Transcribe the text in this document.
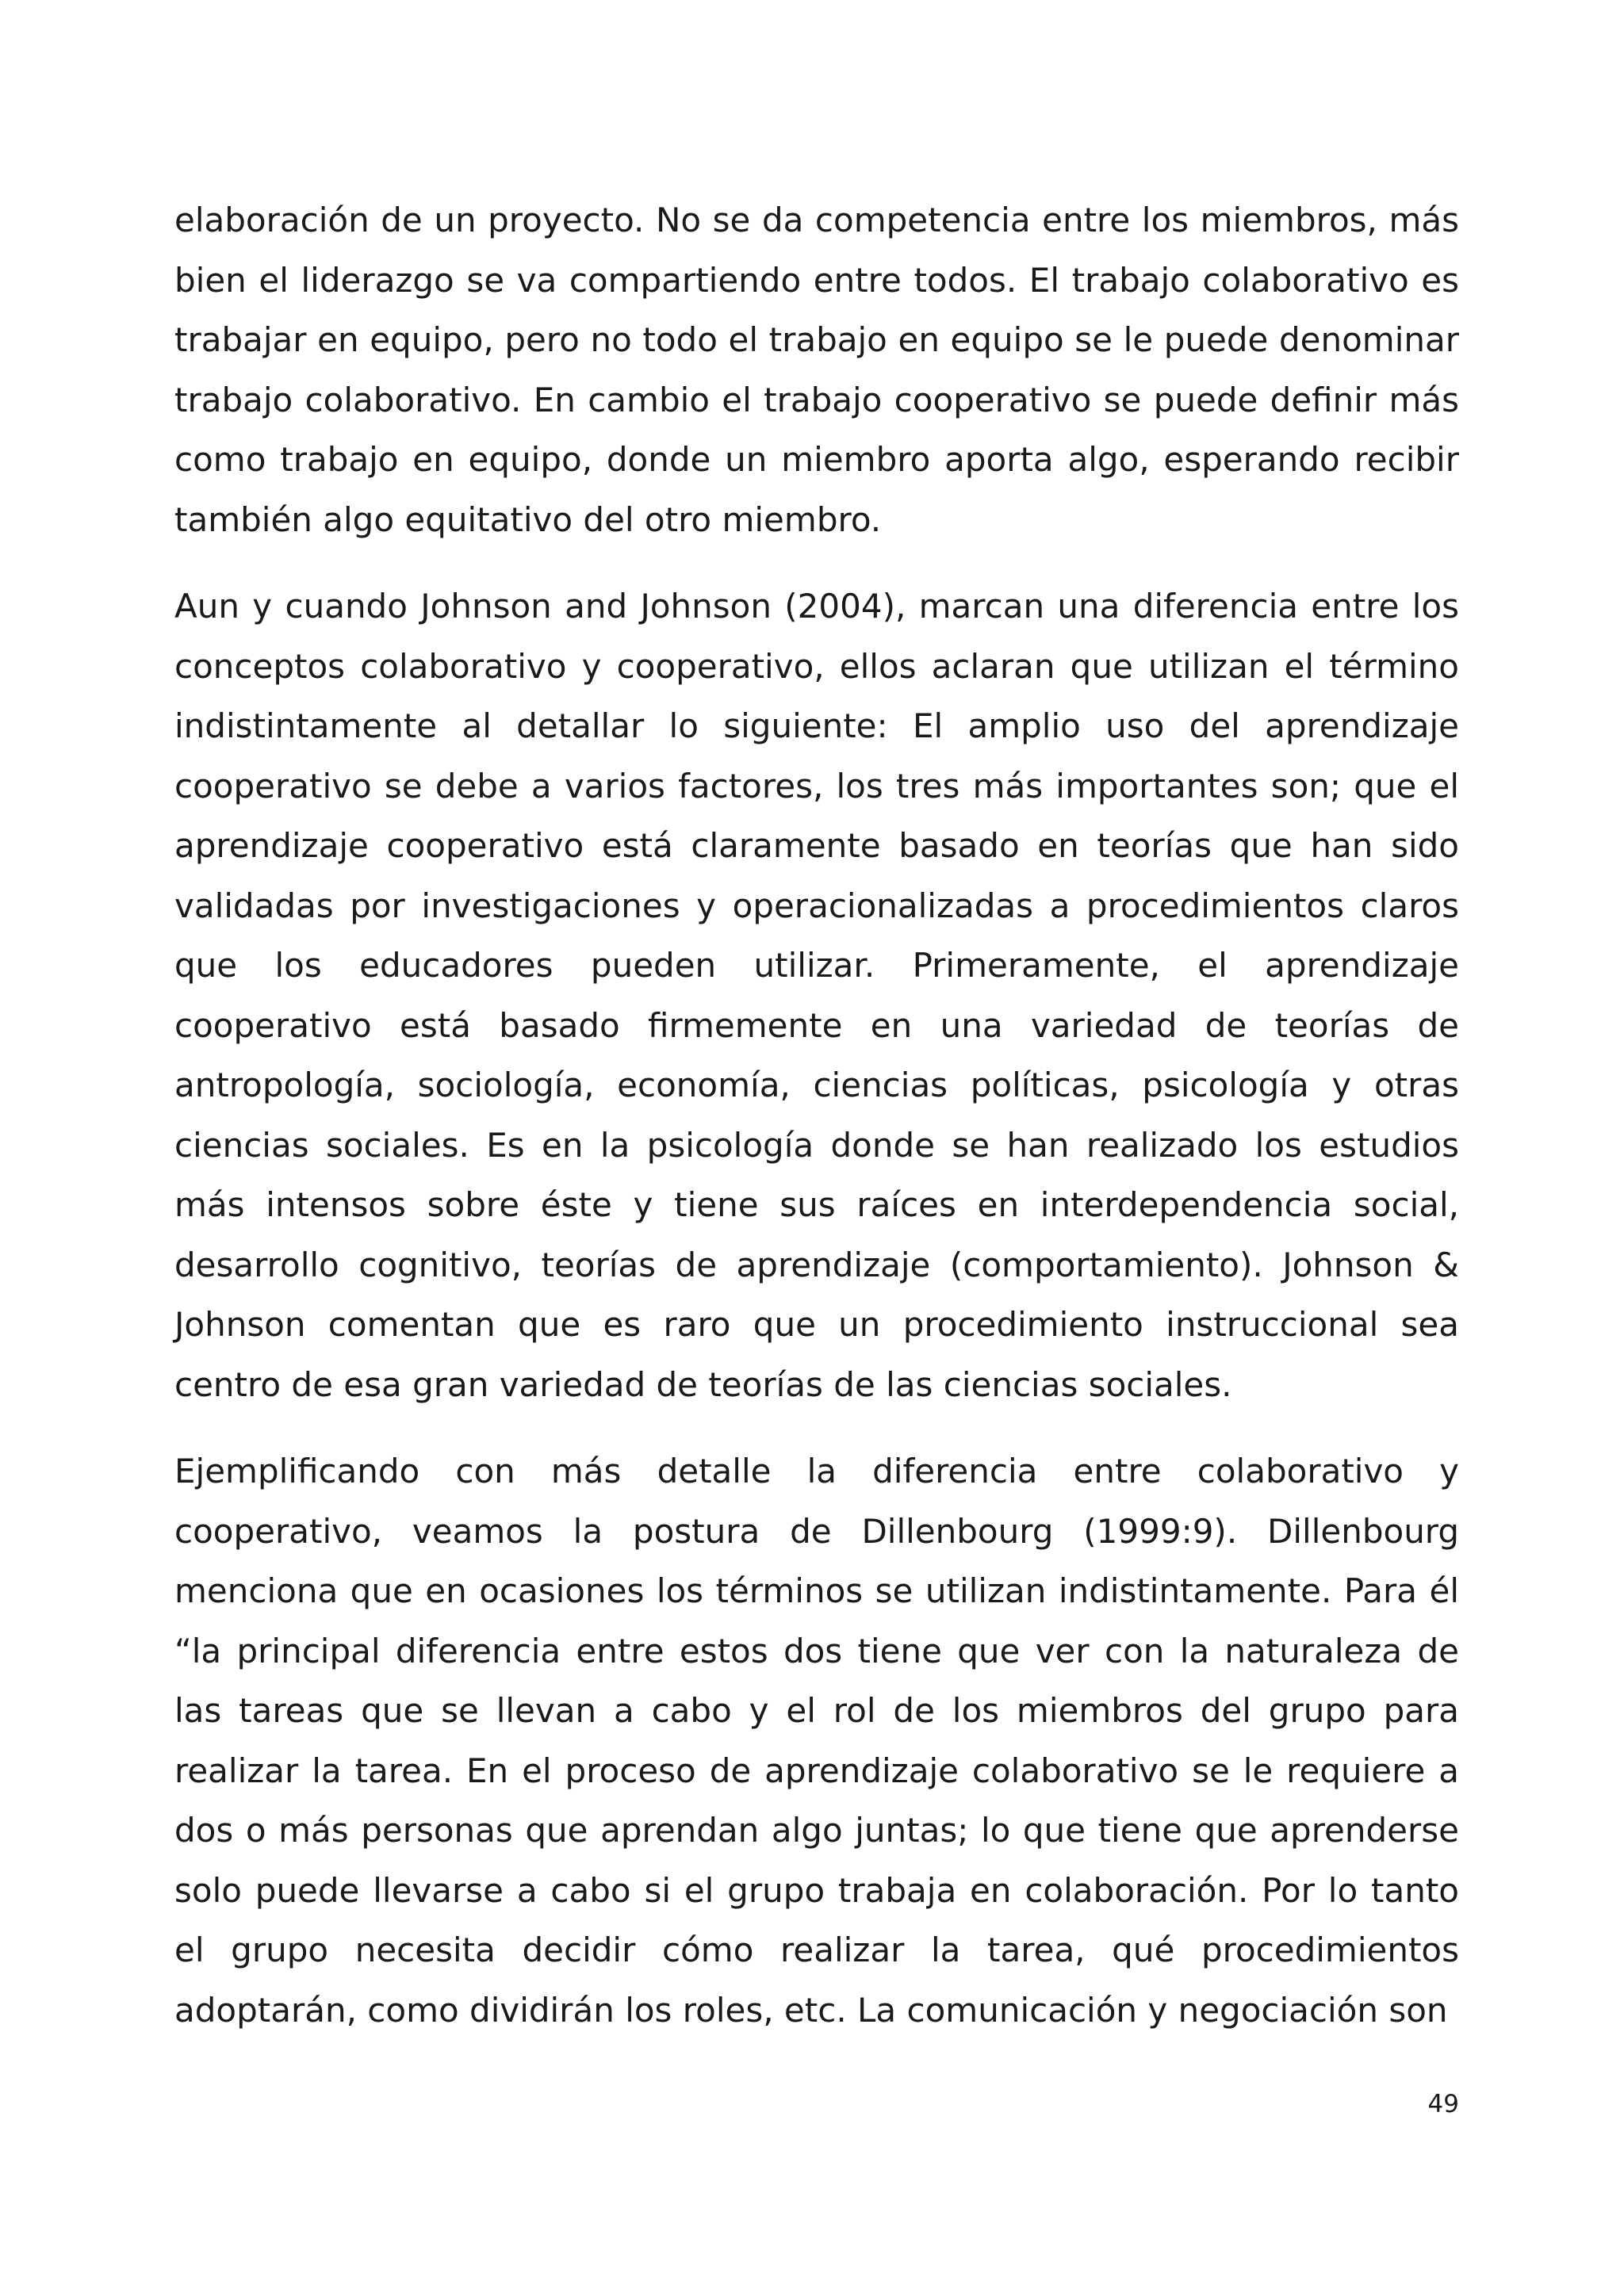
elaboración de un proyecto. No se da competencia entre los miembros, más bien el liderazgo se va compartiendo entre todos. El trabajo colaborativo es trabajar en equipo, pero no todo el trabajo en equipo se le puede denominar trabajo colaborativo. En cambio el trabajo cooperativo se puede definir más como trabajo en equipo, donde un miembro aporta algo, esperando recibir también algo equitativo del otro miembro.

Aun y cuando Johnson and Johnson (2004), marcan una diferencia entre los conceptos colaborativo y cooperativo, ellos aclaran que utilizan el término indistintamente al detallar lo siguiente: El amplio uso del aprendizaje cooperativo se debe a varios factores, los tres más importantes son; que el aprendizaje cooperativo está claramente basado en teorías que han sido validadas por investigaciones y operacionalizadas a procedimientos claros que los educadores pueden utilizar. Primeramente, el aprendizaje cooperativo está basado firmemente en una variedad de teorías de antropología, sociología, economía, ciencias políticas, psicología y otras ciencias sociales. Es en la psicología donde se han realizado los estudios más intensos sobre éste y tiene sus raíces en interdependencia social, desarrollo cognitivo, teorías de aprendizaje (comportamiento). Johnson & Johnson comentan que es raro que un procedimiento instruccional sea centro de esa gran variedad de teorías de las ciencias sociales.

Ejemplificando con más detalle la diferencia entre colaborativo y cooperativo, veamos la postura de Dillenbourg (1999:9). Dillenbourg menciona que en ocasiones los términos se utilizan indistintamente. Para él “la principal diferencia entre estos dos tiene que ver con la naturaleza de las tareas que se llevan a cabo y el rol de los miembros del grupo para realizar la tarea. En el proceso de aprendizaje colaborativo se le requiere a dos o más personas que aprendan algo juntas; lo que tiene que aprenderse solo puede llevarse a cabo si el grupo trabaja en colaboración. Por lo tanto el grupo necesita decidir cómo realizar la tarea, qué procedimientos adoptarán, como dividirán los roles, etc. La comunicación y negociación son

49
